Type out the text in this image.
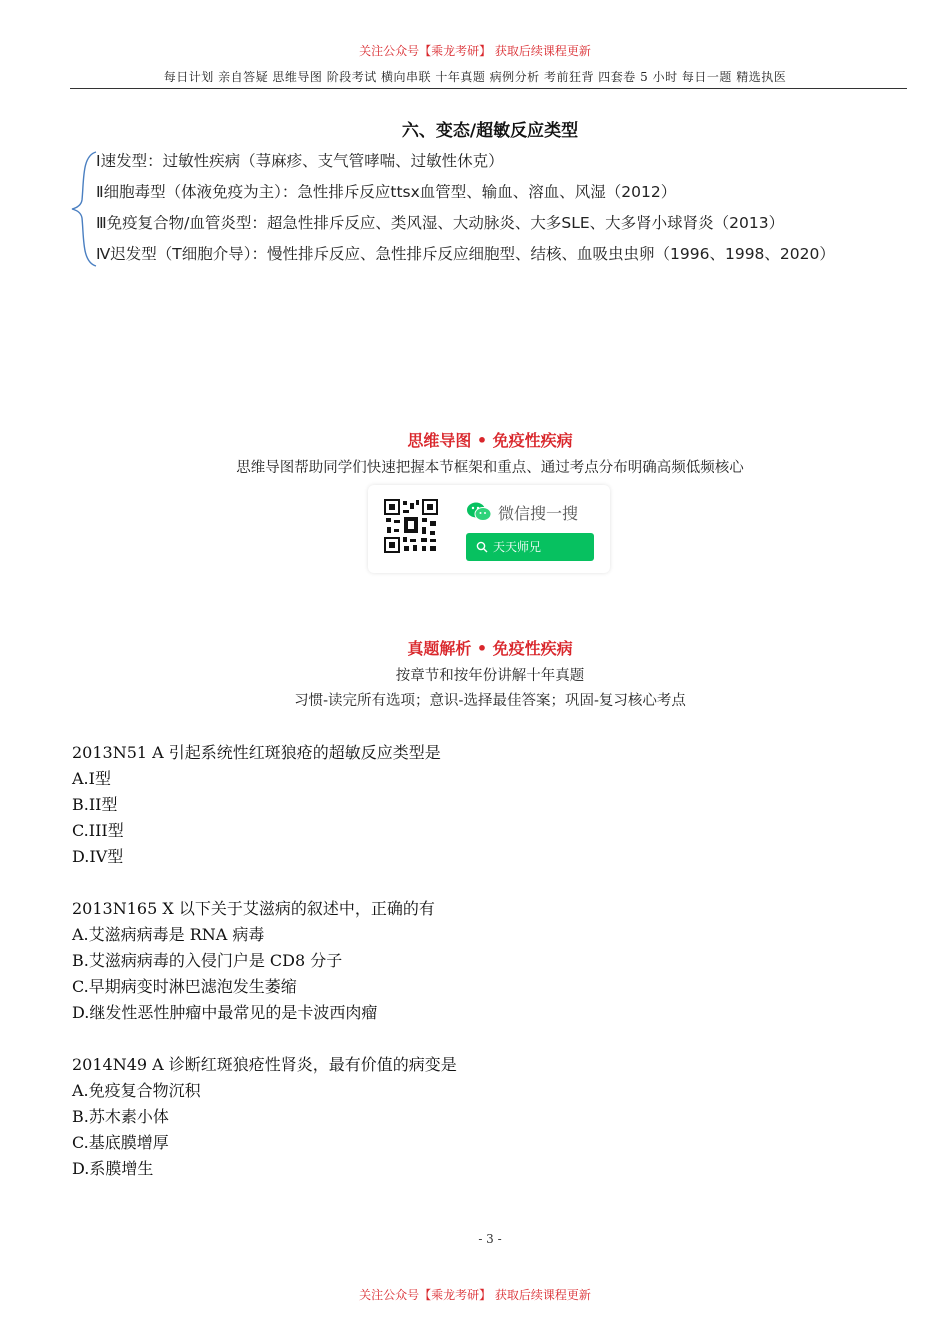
关注公众号【乘龙考研】 获取后续课程更新
每日计划 亲自答疑 思维导图 阶段考试 横向串联 十年真题 病例分析 考前狂背 四套卷 5 小时 每日一题 精选执医
六、变态/超敏反应类型
Ⅰ速发型：过敏性疾病（荨麻疹、支气管哮喘、过敏性休克）
Ⅱ细胞毒型（体液免疫为主）：急性排斥反应ttsx血管型、输血、溶血、风湿（2012）
Ⅲ免疫复合物/血管炎型：超急性排斥反应、类风湿、大动脉炎、大多SLE、大多肾小球肾炎（2013）
Ⅳ迟发型（T细胞介导）：慢性排斥反应、急性排斥反应细胞型、结核、血吸虫虫卵（1996、1998、2020）
思维导图 • 免疫性疾病
思维导图帮助同学们快速把握本节框架和重点、通过考点分布明确高频低频核心
微信搜一搜
天天师兄
真题解析 • 免疫性疾病
按章节和按年份讲解十年真题
习惯-读完所有选项；意识-选择最佳答案；巩固-复习核心考点
2013N51 A 引起系统性红斑狼疮的超敏反应类型是
A.I型
B.II型
C.III型
D.IV型
2013N165 X 以下关于艾滋病的叙述中，正确的有
A.艾滋病病毒是 RNA 病毒
B.艾滋病病毒的入侵门户是 CD8 分子
C.早期病变时淋巴滤泡发生萎缩
D.继发性恶性肿瘤中最常见的是卡波西肉瘤
2014N49 A 诊断红斑狼疮性肾炎，最有价值的病变是
A.免疫复合物沉积
B.苏木素小体
C.基底膜增厚
D.系膜增生
- 3 -
关注公众号【乘龙考研】 获取后续课程更新
